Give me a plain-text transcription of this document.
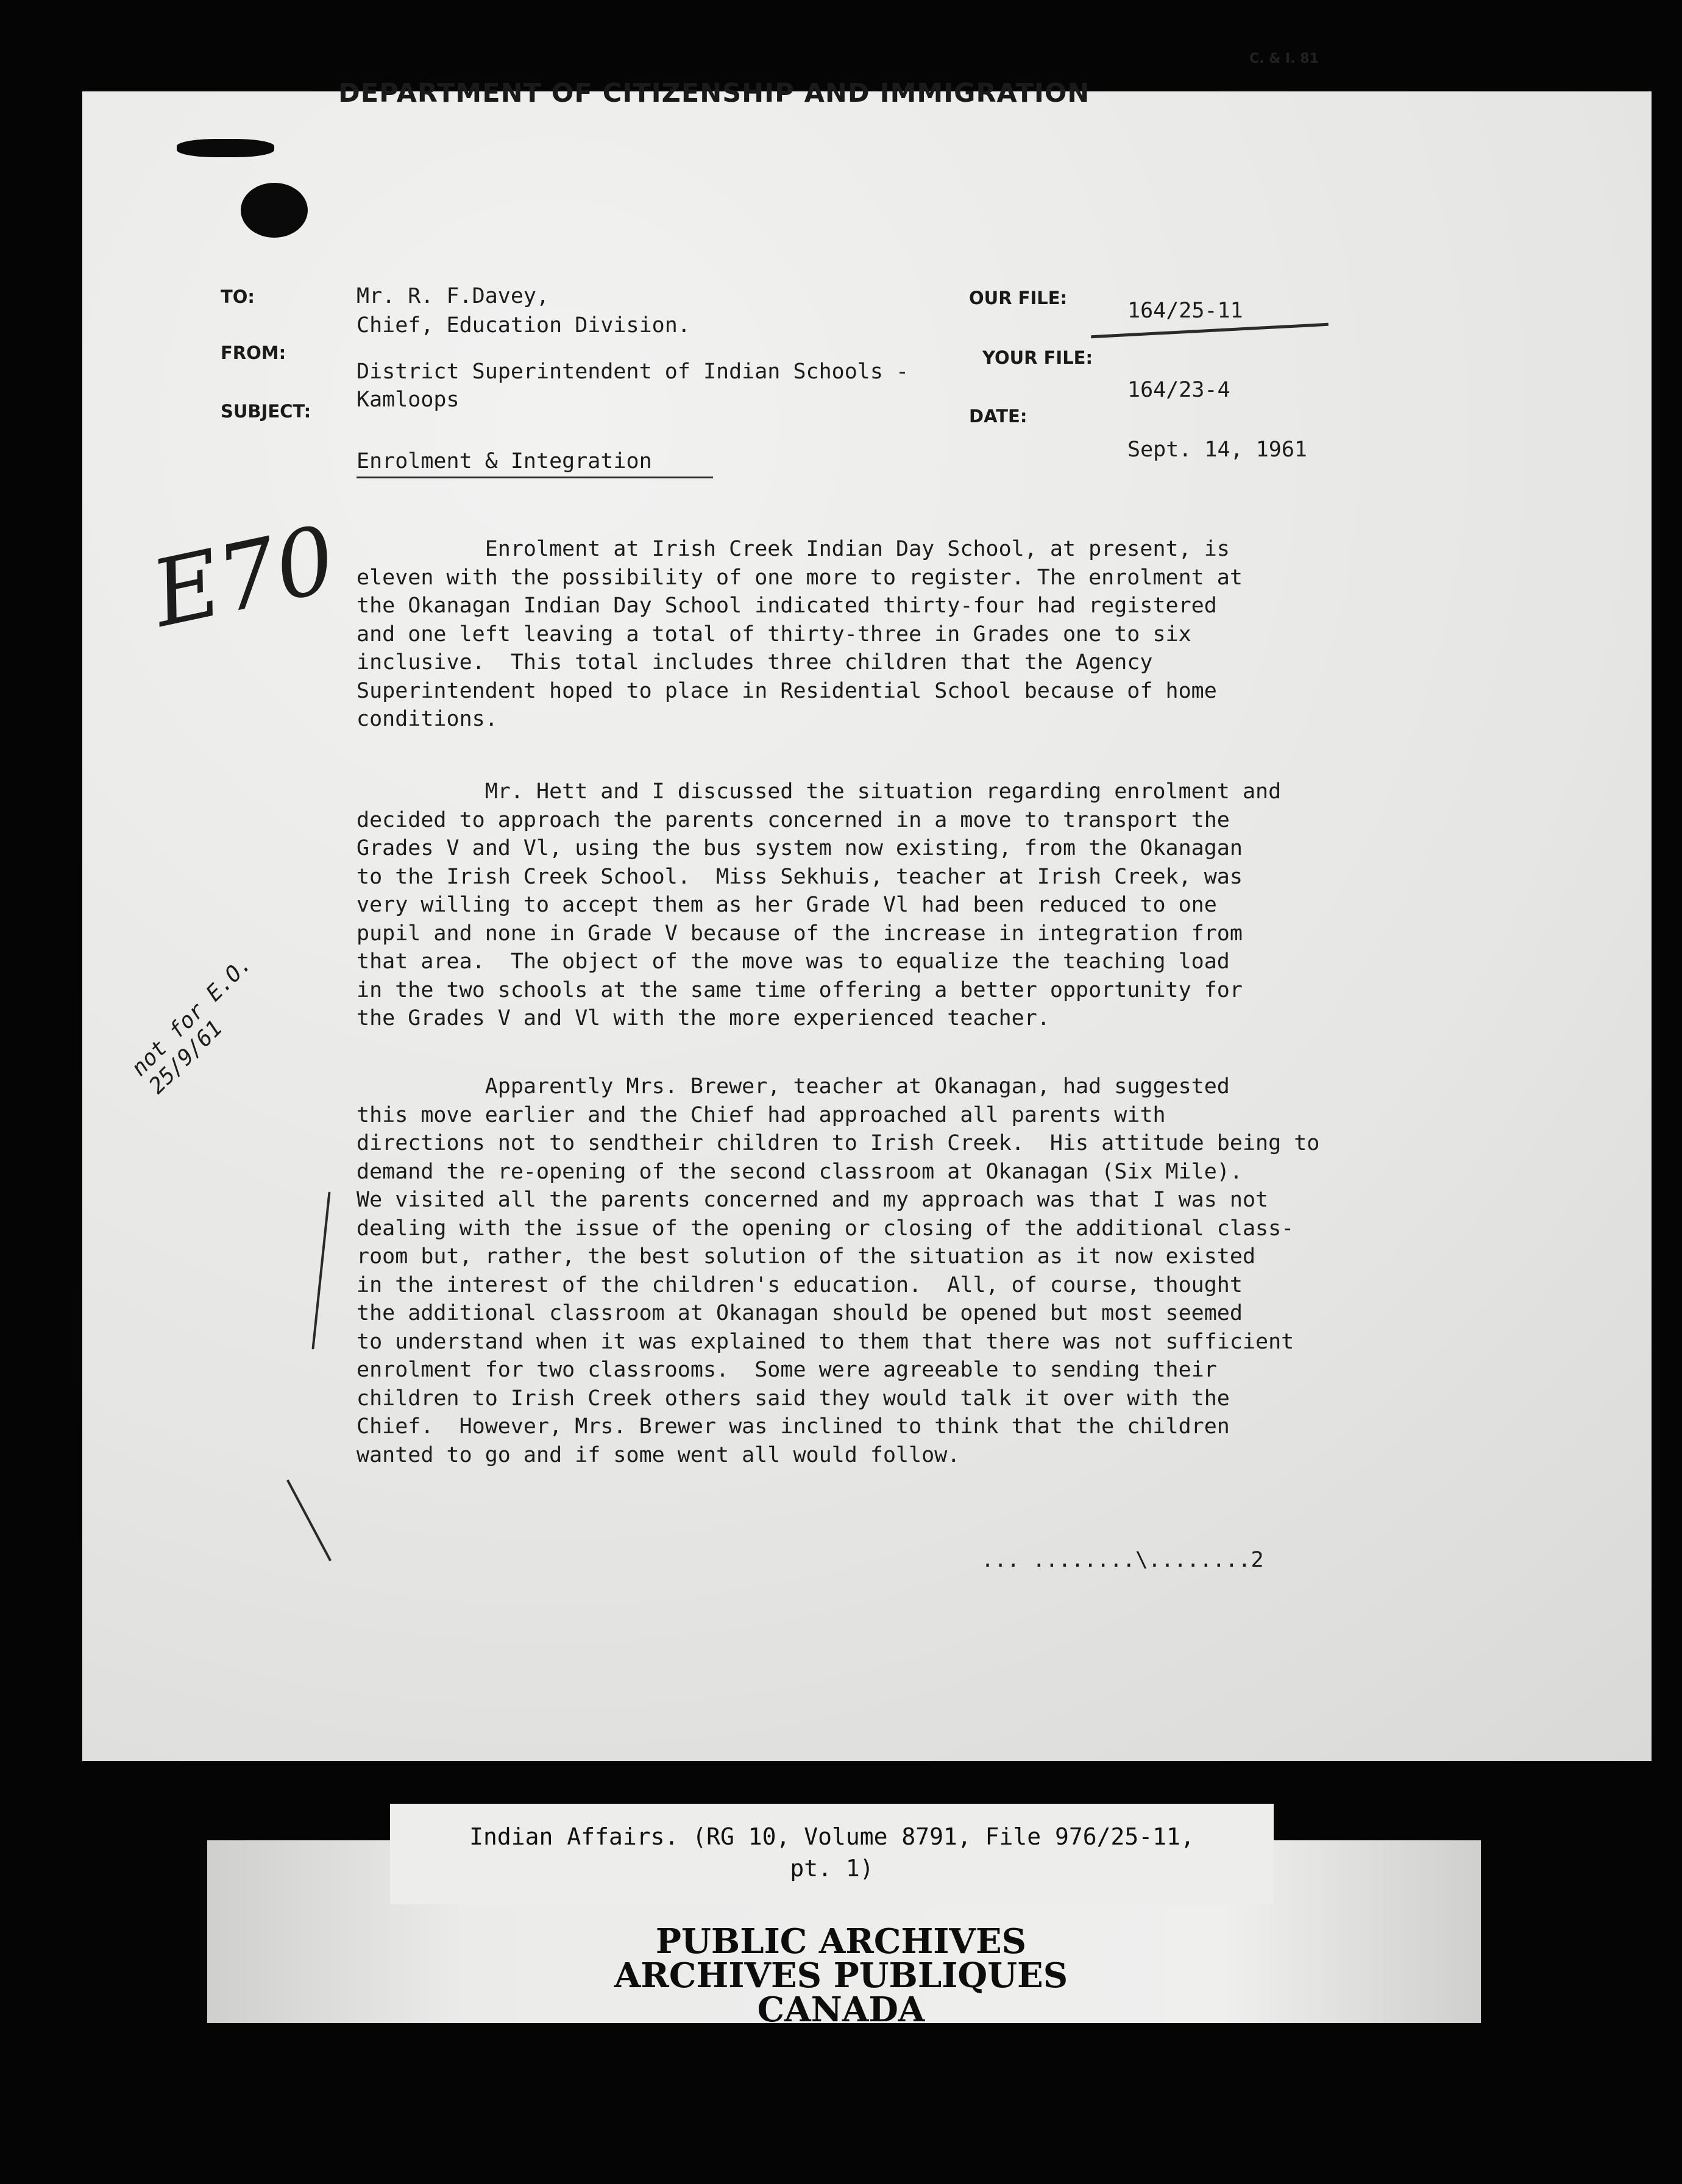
C. & I. 81
DEPARTMENT OF CITIZENSHIP AND IMMIGRATION
TO:
FROM:
SUBJECT:
OUR FILE:
YOUR FILE:
DATE:
Mr. R. F.Davey,
Chief, Education Division.
District Superintendent of Indian Schools -
Kamloops
Enrolment & Integration
164/25-11
164/23-4
Sept. 14, 1961
E70
not for E.O. 25/9/61
Enrolment at Irish Creek Indian Day School, at present, is
eleven with the possibility of one more to register. The enrolment at
the Okanagan Indian Day School indicated thirty-four had registered
and one left leaving a total of thirty-three in Grades one to six
inclusive.  This total includes three children that the Agency
Superintendent hoped to place in Residential School because of home
conditions.
Mr. Hett and I discussed the situation regarding enrolment and
decided to approach the parents concerned in a move to transport the
Grades V and Vl, using the bus system now existing, from the Okanagan
to the Irish Creek School.  Miss Sekhuis, teacher at Irish Creek, was
very willing to accept them as her Grade Vl had been reduced to one
pupil and none in Grade V because of the increase in integration from
that area.  The object of the move was to equalize the teaching load
in the two schools at the same time offering a better opportunity for
the Grades V and Vl with the more experienced teacher.
Apparently Mrs. Brewer, teacher at Okanagan, had suggested
this move earlier and the Chief had approached all parents with
directions not to sendtheir children to Irish Creek.  His attitude being to
demand the re-opening of the second classroom at Okanagan (Six Mile).
We visited all the parents concerned and my approach was that I was not
dealing with the issue of the opening or closing of the additional class-
room but, rather, the best solution of the situation as it now existed
in the interest of the children's education.  All, of course, thought
the additional classroom at Okanagan should be opened but most seemed
to understand when it was explained to them that there was not sufficient
enrolment for two classrooms.  Some were agreeable to sending their
children to Irish Creek others said they would talk it over with the
Chief.  However, Mrs. Brewer was inclined to think that the children
wanted to go and if some went all would follow.
... ........\........2
Indian Affairs. (RG 10, Volume 8791, File 976/25-11,
pt. 1)
PUBLIC ARCHIVES
ARCHIVES PUBLIQUES
CANADA
